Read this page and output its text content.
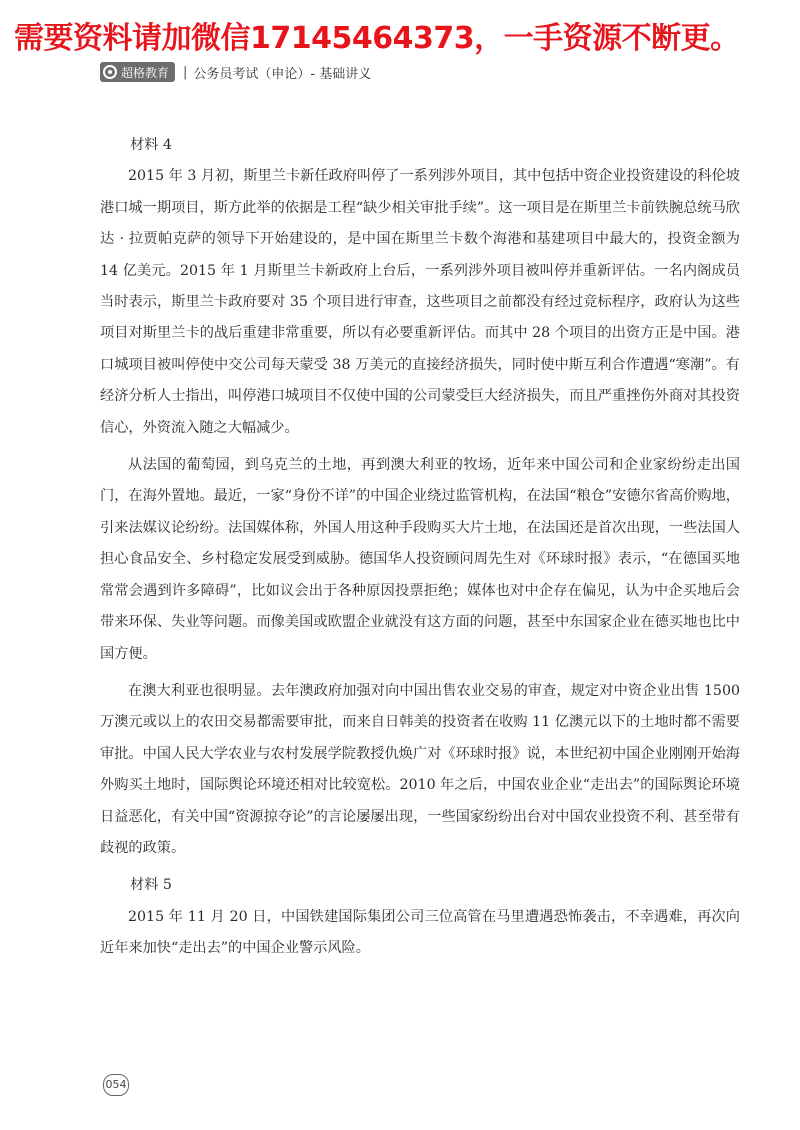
需要资料请加微信17145464373，一手资源不断更。
超格教育 | 公务员考试（申论）- 基础讲义

材料 4

2015 年 3 月初，斯里兰卡新任政府叫停了一系列涉外项目，其中包括中资企业投资建设的科伦坡港口城一期项目，斯方此举的依据是工程“缺少相关审批手续”。这一项目是在斯里兰卡前铁腕总统马欣达 · 拉贾帕克萨的领导下开始建设的，是中国在斯里兰卡数个海港和基建项目中最大的，投资金额为 14 亿美元。2015 年 1 月斯里兰卡新政府上台后，一系列涉外项目被叫停并重新评估。一名内阁成员当时表示，斯里兰卡政府要对 35 个项目进行审查，这些项目之前都没有经过竞标程序，政府认为这些项目对斯里兰卡的战后重建非常重要，所以有必要重新评估。而其中 28 个项目的出资方正是中国。港口城项目被叫停使中交公司每天蒙受 38 万美元的直接经济损失，同时使中斯互利合作遭遇“寒潮”。有经济分析人士指出，叫停港口城项目不仅使中国的公司蒙受巨大经济损失，而且严重挫伤外商对其投资信心，外资流入随之大幅减少。

从法国的葡萄园，到乌克兰的土地，再到澳大利亚的牧场，近年来中国公司和企业家纷纷走出国门，在海外置地。最近，一家“身份不详”的中国企业绕过监管机构，在法国“粮仓”安德尔省高价购地，引来法媒议论纷纷。法国媒体称，外国人用这种手段购买大片土地，在法国还是首次出现，一些法国人担心食品安全、乡村稳定发展受到威胁。德国华人投资顾问周先生对《环球时报》表示，“在德国买地常常会遇到许多障碍”，比如议会出于各种原因投票拒绝；媒体也对中企存在偏见，认为中企买地后会带来环保、失业等问题。而像美国或欧盟企业就没有这方面的问题，甚至中东国家企业在德买地也比中国方便。

在澳大利亚也很明显。去年澳政府加强对向中国出售农业交易的审查，规定对中资企业出售 1500 万澳元或以上的农田交易都需要审批，而来自日韩美的投资者在收购 11 亿澳元以下的土地时都不需要审批。中国人民大学农业与农村发展学院教授仇焕广对《环球时报》说，本世纪初中国企业刚刚开始海外购买土地时，国际舆论环境还相对比较宽松。2010 年之后，中国农业企业“走出去”的国际舆论环境日益恶化，有关中国“资源掠夺论”的言论屡屡出现，一些国家纷纷出台对中国农业投资不利、甚至带有歧视的政策。

材料 5

2015 年 11 月 20 日，中国铁建国际集团公司三位高管在马里遭遇恐怖袭击，不幸遇难，再次向近年来加快“走出去”的中国企业警示风险。

054
